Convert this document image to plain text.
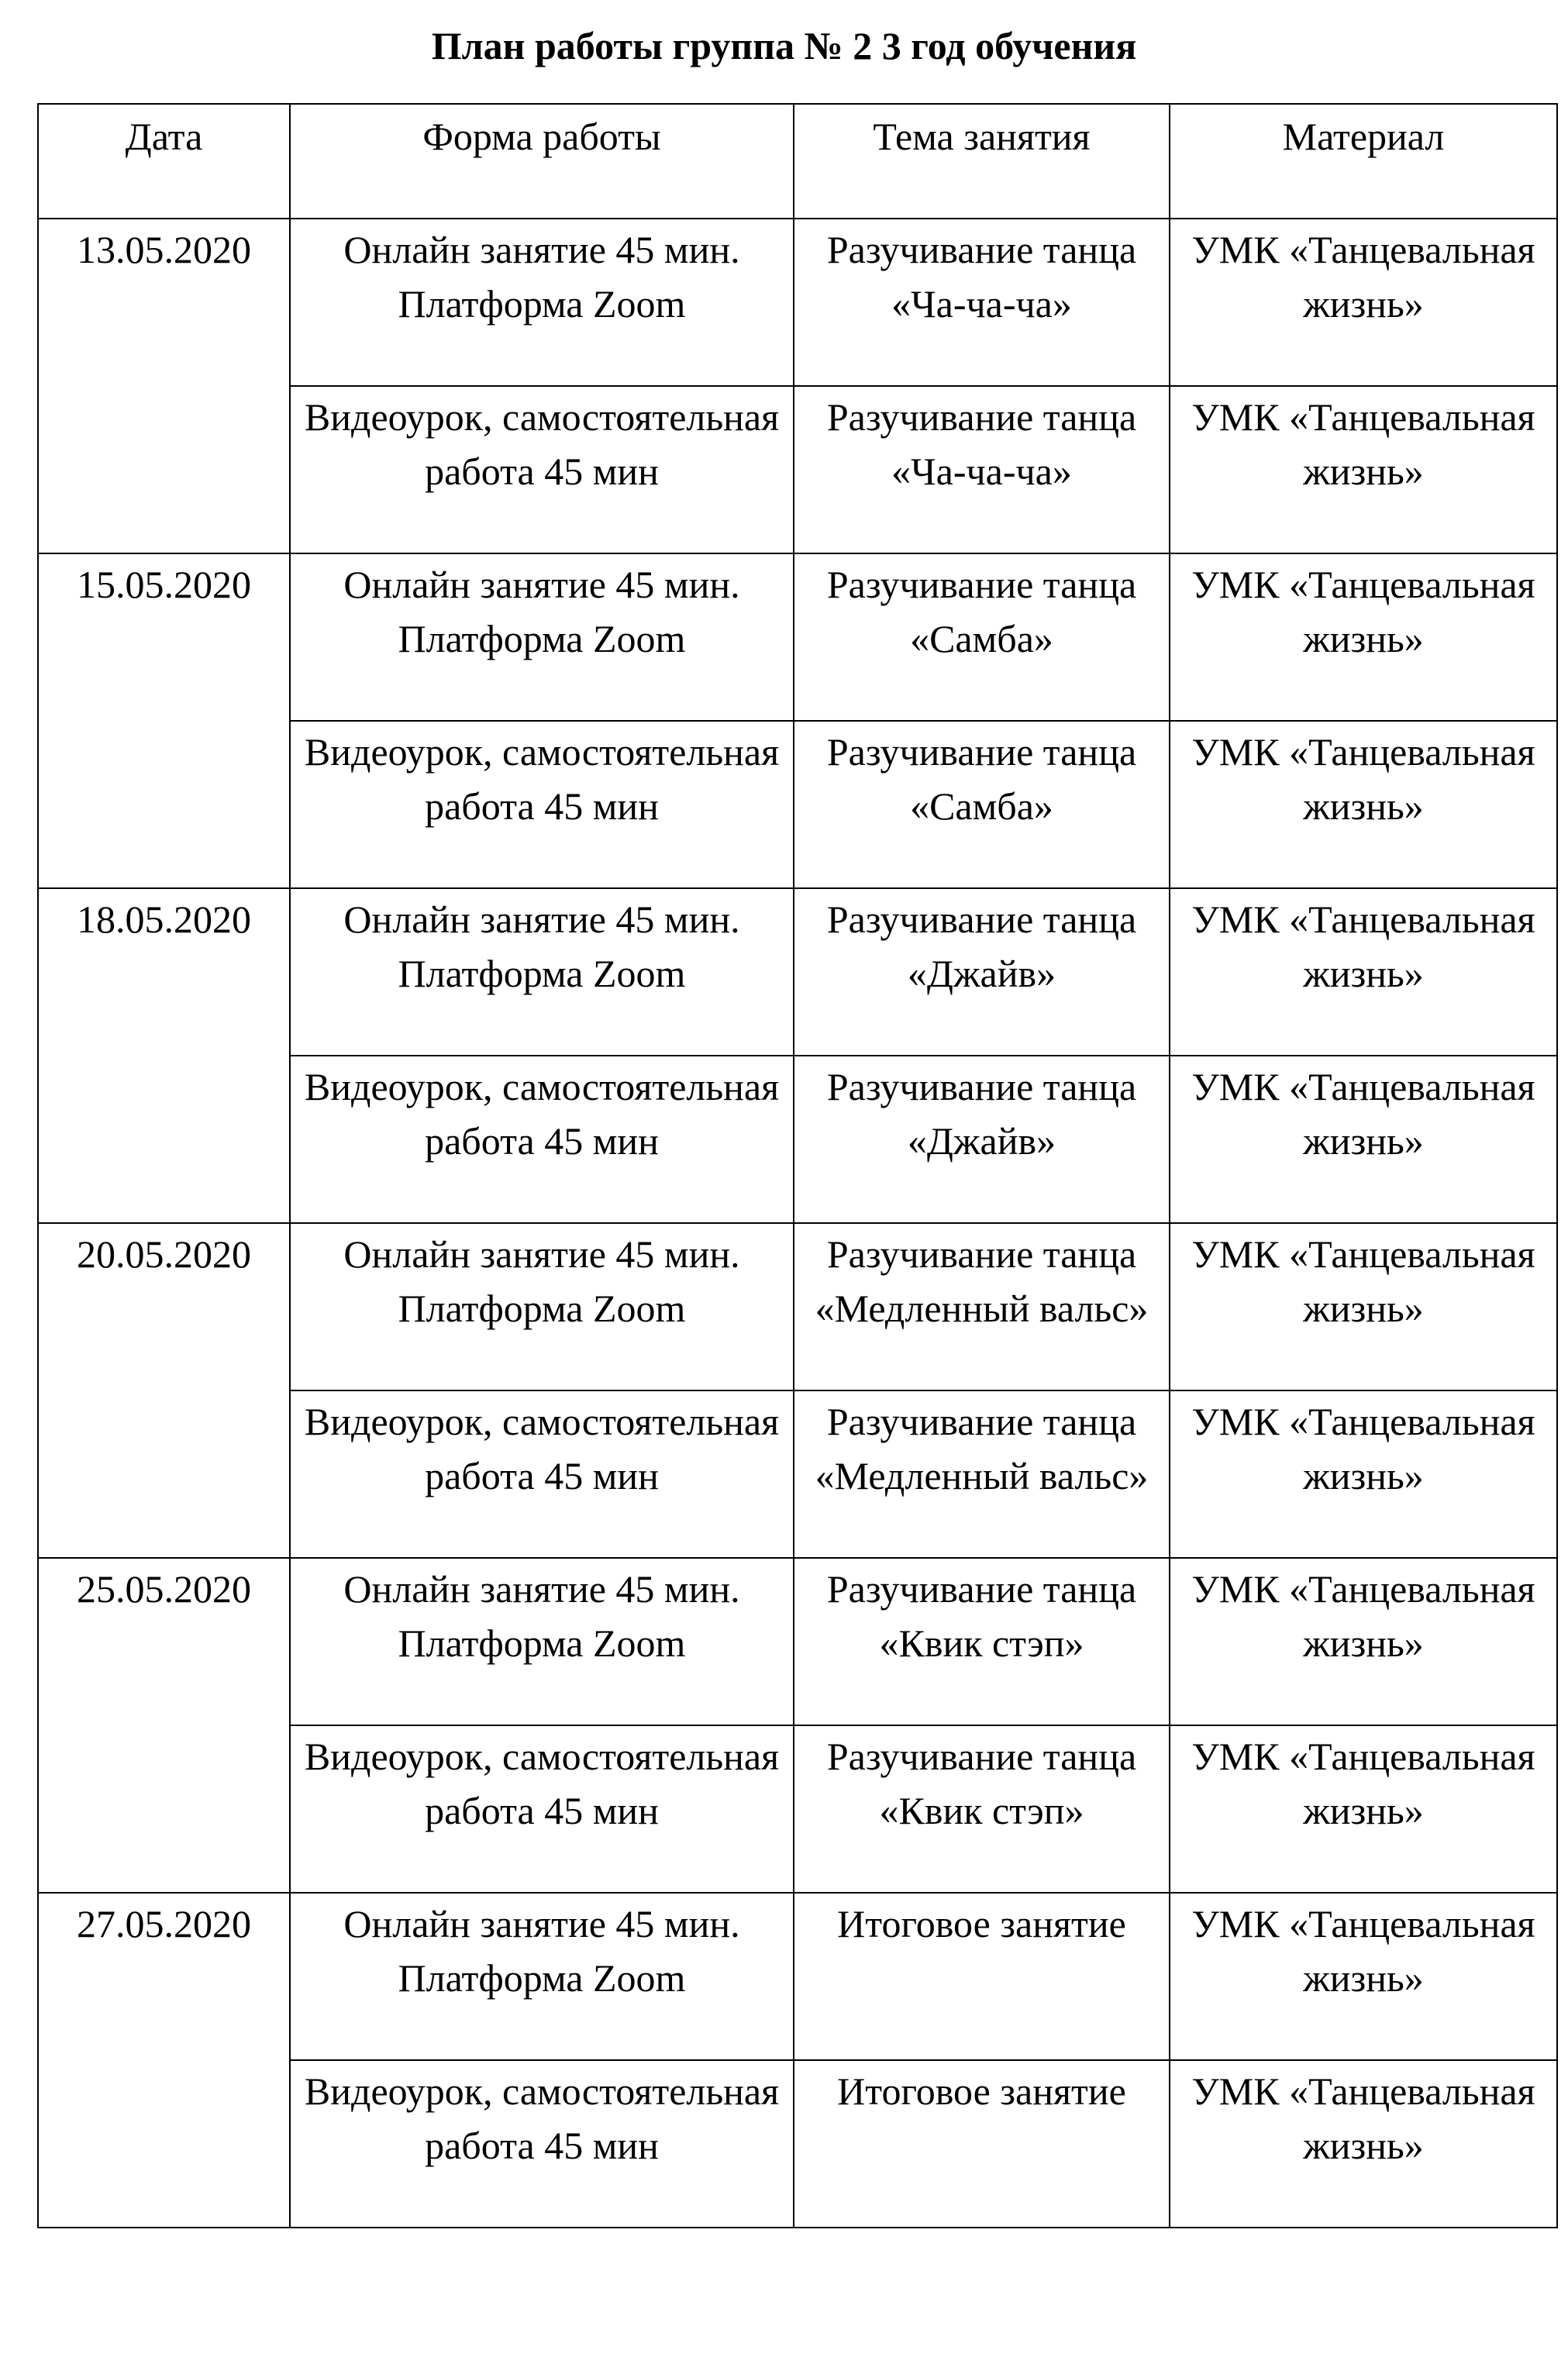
План работы группа № 2 3 год обучения
Дата	Форма работы	Тема занятия	Материал
13.05.2020	Онлайн занятие 45 мин. Платформа Zoom	Разучивание танца «Ча-ча-ча»	УМК «Танцевальная жизнь»
	Видеоурок, самостоятельная работа 45 мин	Разучивание танца «Ча-ча-ча»	УМК «Танцевальная жизнь»
15.05.2020	Онлайн занятие 45 мин. Платформа Zoom	Разучивание танца «Самба»	УМК «Танцевальная жизнь»
	Видеоурок, самостоятельная работа 45 мин	Разучивание танца «Самба»	УМК «Танцевальная жизнь»
18.05.2020	Онлайн занятие 45 мин. Платформа Zoom	Разучивание танца «Джайв»	УМК «Танцевальная жизнь»
	Видеоурок, самостоятельная работа 45 мин	Разучивание танца «Джайв»	УМК «Танцевальная жизнь»
20.05.2020	Онлайн занятие 45 мин. Платформа Zoom	Разучивание танца «Медленный вальс»	УМК «Танцевальная жизнь»
	Видеоурок, самостоятельная работа 45 мин	Разучивание танца «Медленный вальс»	УМК «Танцевальная жизнь»
25.05.2020	Онлайн занятие 45 мин. Платформа Zoom	Разучивание танца «Квик стэп»	УМК «Танцевальная жизнь»
	Видеоурок, самостоятельная работа 45 мин	Разучивание танца «Квик стэп»	УМК «Танцевальная жизнь»
27.05.2020	Онлайн занятие 45 мин. Платформа Zoom	Итоговое занятие	УМК «Танцевальная жизнь»
	Видеоурок, самостоятельная работа 45 мин	Итоговое занятие	УМК «Танцевальная жизнь»
